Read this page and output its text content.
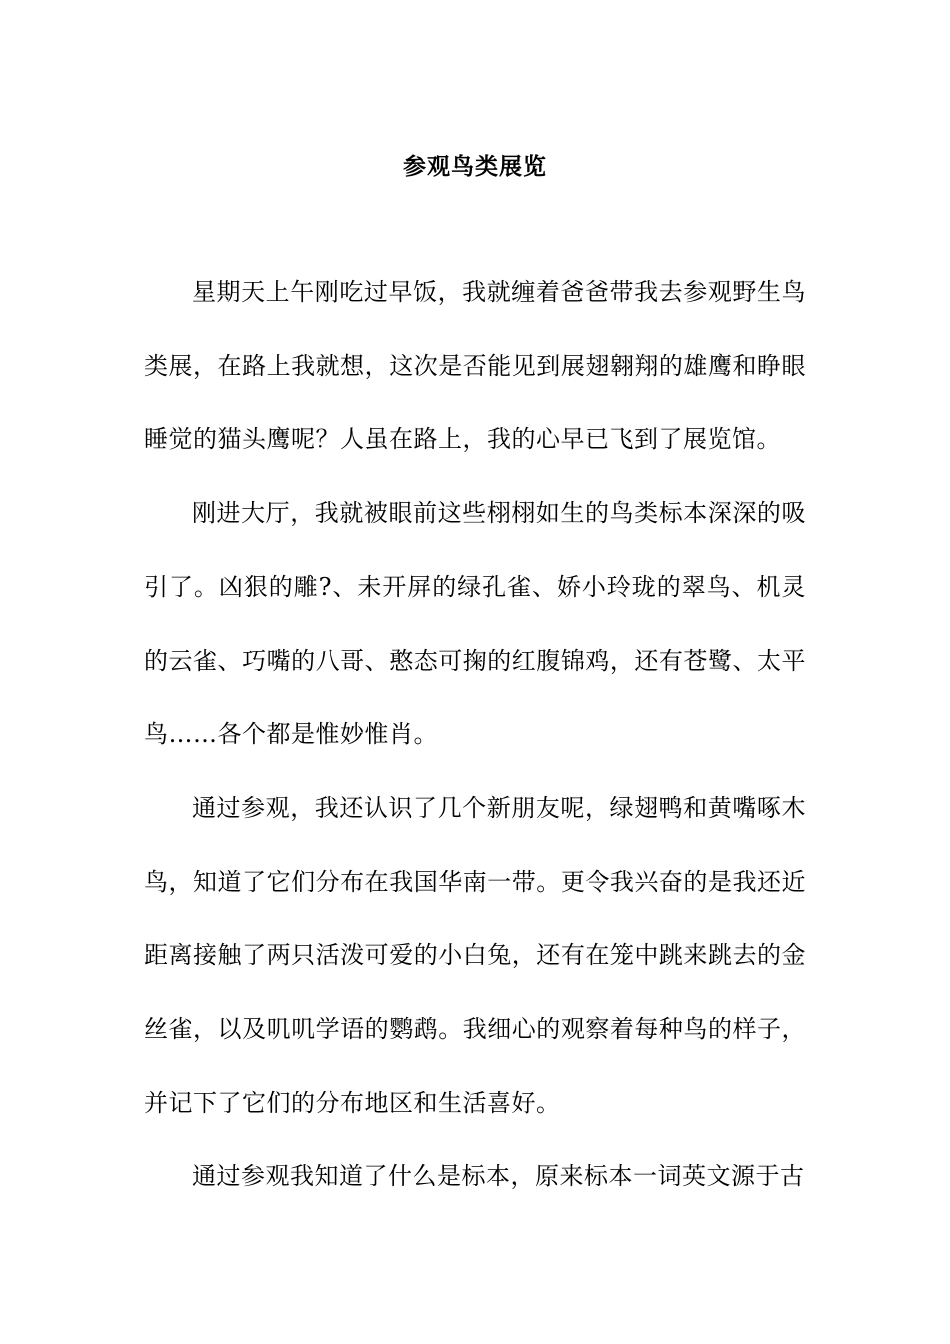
参观鸟类展览

星期天上午刚吃过早饭，我就缠着爸爸带我去参观野生鸟类展，在路上我就想，这次是否能见到展翅翱翔的雄鹰和睁眼睡觉的猫头鹰呢？人虽在路上，我的心早已飞到了展览馆。

刚进大厅，我就被眼前这些栩栩如生的鸟类标本深深的吸引了。凶狠的雕?、未开屏的绿孔雀、娇小玲珑的翠鸟、机灵的云雀、巧嘴的八哥、憨态可掬的红腹锦鸡，还有苍鹭、太平鸟……各个都是惟妙惟肖。

通过参观，我还认识了几个新朋友呢，绿翅鸭和黄嘴啄木鸟，知道了它们分布在我国华南一带。更令我兴奋的是我还近距离接触了两只活泼可爱的小白兔，还有在笼中跳来跳去的金丝雀，以及叽叽学语的鹦鹉。我细心的观察着每种鸟的样子，并记下了它们的分布地区和生活喜好。

通过参观我知道了什么是标本，原来标本一词英文源于古
